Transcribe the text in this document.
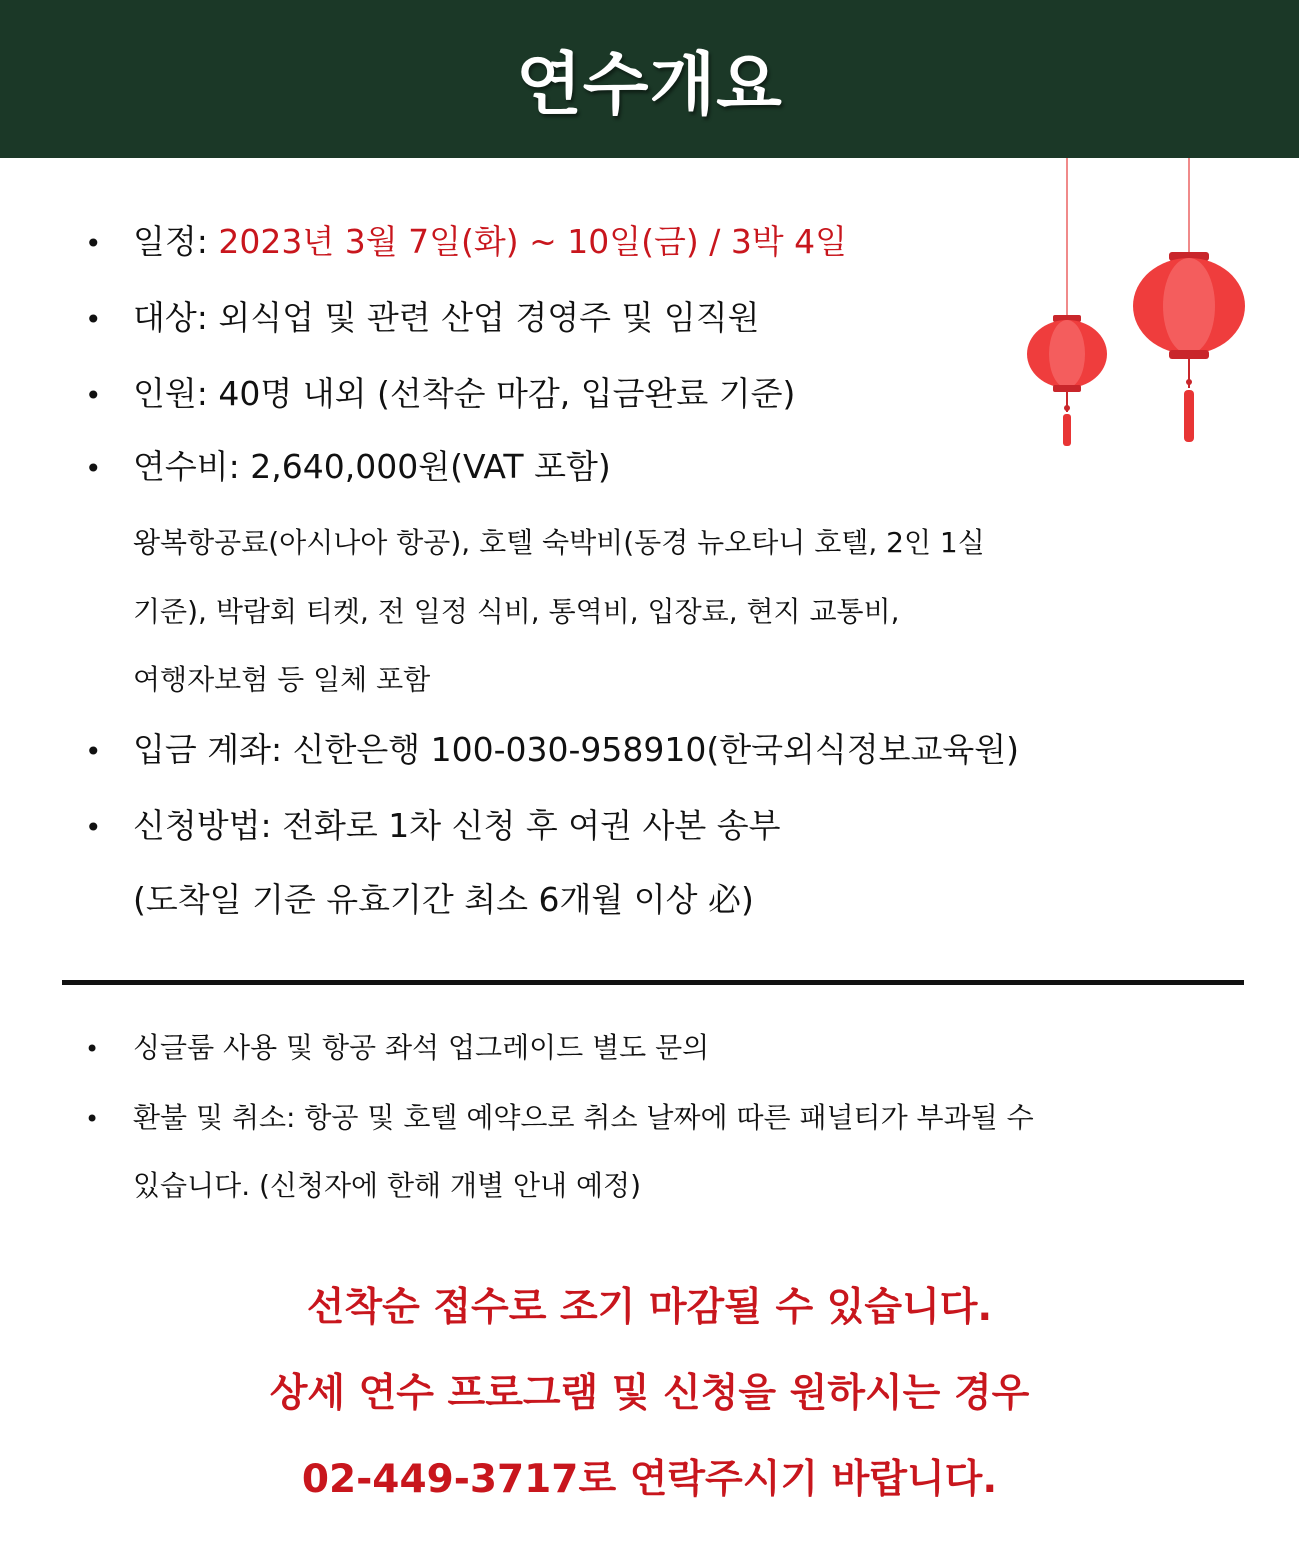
연수개요
• 일정: 2023년 3월 7일(화) ~ 10일(금) / 3박 4일
• 대상: 외식업 및 관련 산업 경영주 및 임직원
• 인원: 40명 내외 (선착순 마감, 입금완료 기준)
• 연수비: 2,640,000원(VAT 포함)
왕복항공료(아시나아 항공), 호텔 숙박비(동경 뉴오타니 호텔, 2인 1실
기준), 박람회 티켓, 전 일정 식비, 통역비, 입장료, 현지 교통비,
여행자보험 등 일체 포함
• 입금 계좌: 신한은행 100-030-958910(한국외식정보교육원)
• 신청방법: 전화로 1차 신청 후 여권 사본 송부
(도착일 기준 유효기간 최소 6개월 이상 必)
• 싱글룸 사용 및 항공 좌석 업그레이드 별도 문의
• 환불 및 취소: 항공 및 호텔 예약으로 취소 날짜에 따른 패널티가 부과될 수
있습니다. (신청자에 한해 개별 안내 예정)
선착순 접수로 조기 마감될 수 있습니다.
상세 연수 프로그램 및 신청을 원하시는 경우
02-449-3717로 연락주시기 바랍니다.
